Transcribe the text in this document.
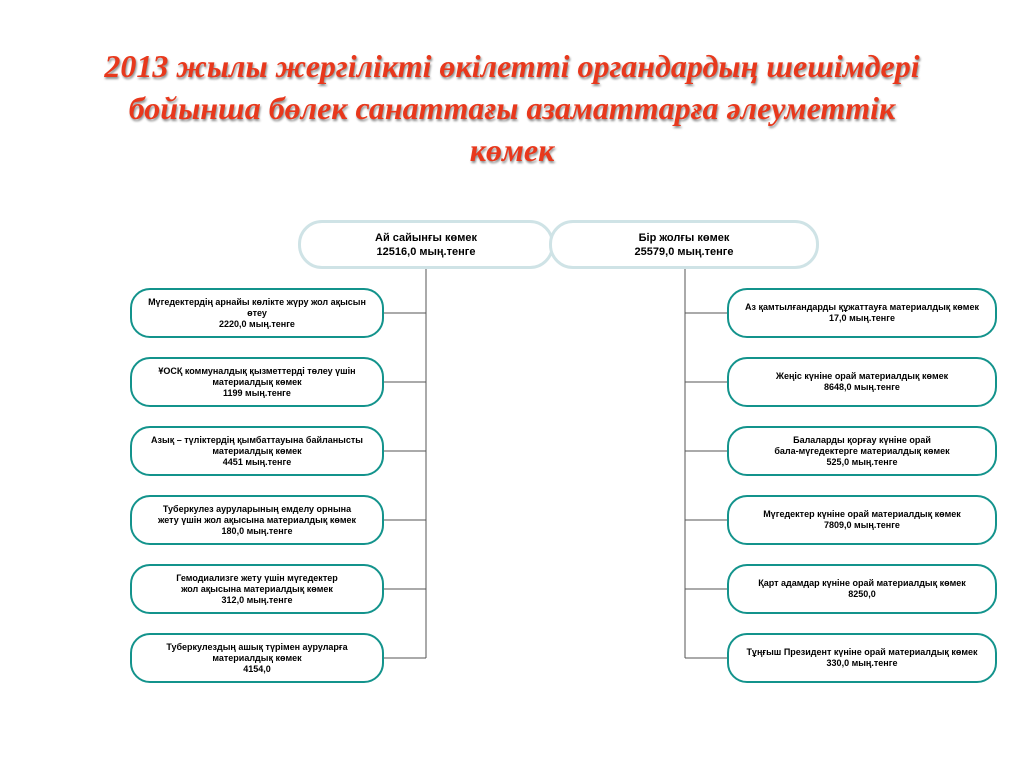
2013 жылы жергілікті өкілетті органдардың шешімдері
бойынша бөлек санаттағы азаматтарға әлеуметтік
көмек
Ай сайынғы көмек
12516,0 мың.тенге
Бір жолғы көмек
25579,0 мың.тенге
Мүгедектердің арнайы көлікте жүру жол ақысын өтеу
2220,0 мың.тенге
ҰОСҚ коммуналдық қызметтерді төлеу үшін
материалдық көмек
1199 мың.тенге
Азық – түліктердің қымбаттауына байланысты
материалдық көмек
4451 мың.тенге
Туберкулез ауруларының емделу орнына
жету үшін жол ақысына материалдық көмек
180,0 мың.тенге
Гемодиализге жету үшін мүгедектер
жол ақысына материалдық көмек
312,0 мың.тенге
Туберкулездың ашық түрімен ауруларға
материалдық көмек
4154,0
Аз қамтылғандарды құжаттауға материалдық көмек
17,0 мың.тенге
Жеңіс күніне орай материалдық көмек
8648,0 мың.тенге
Балаларды қорғау күніне орай
бала-мүгедектерге материалдық көмек
525,0 мың.тенге
Мүгедектер күніне орай материалдық көмек
7809,0 мың.тенге
Қарт адамдар күніне орай материалдық көмек
8250,0
Тұңғыш Президент күніне орай материалдық көмек
330,0 мың.тенге
